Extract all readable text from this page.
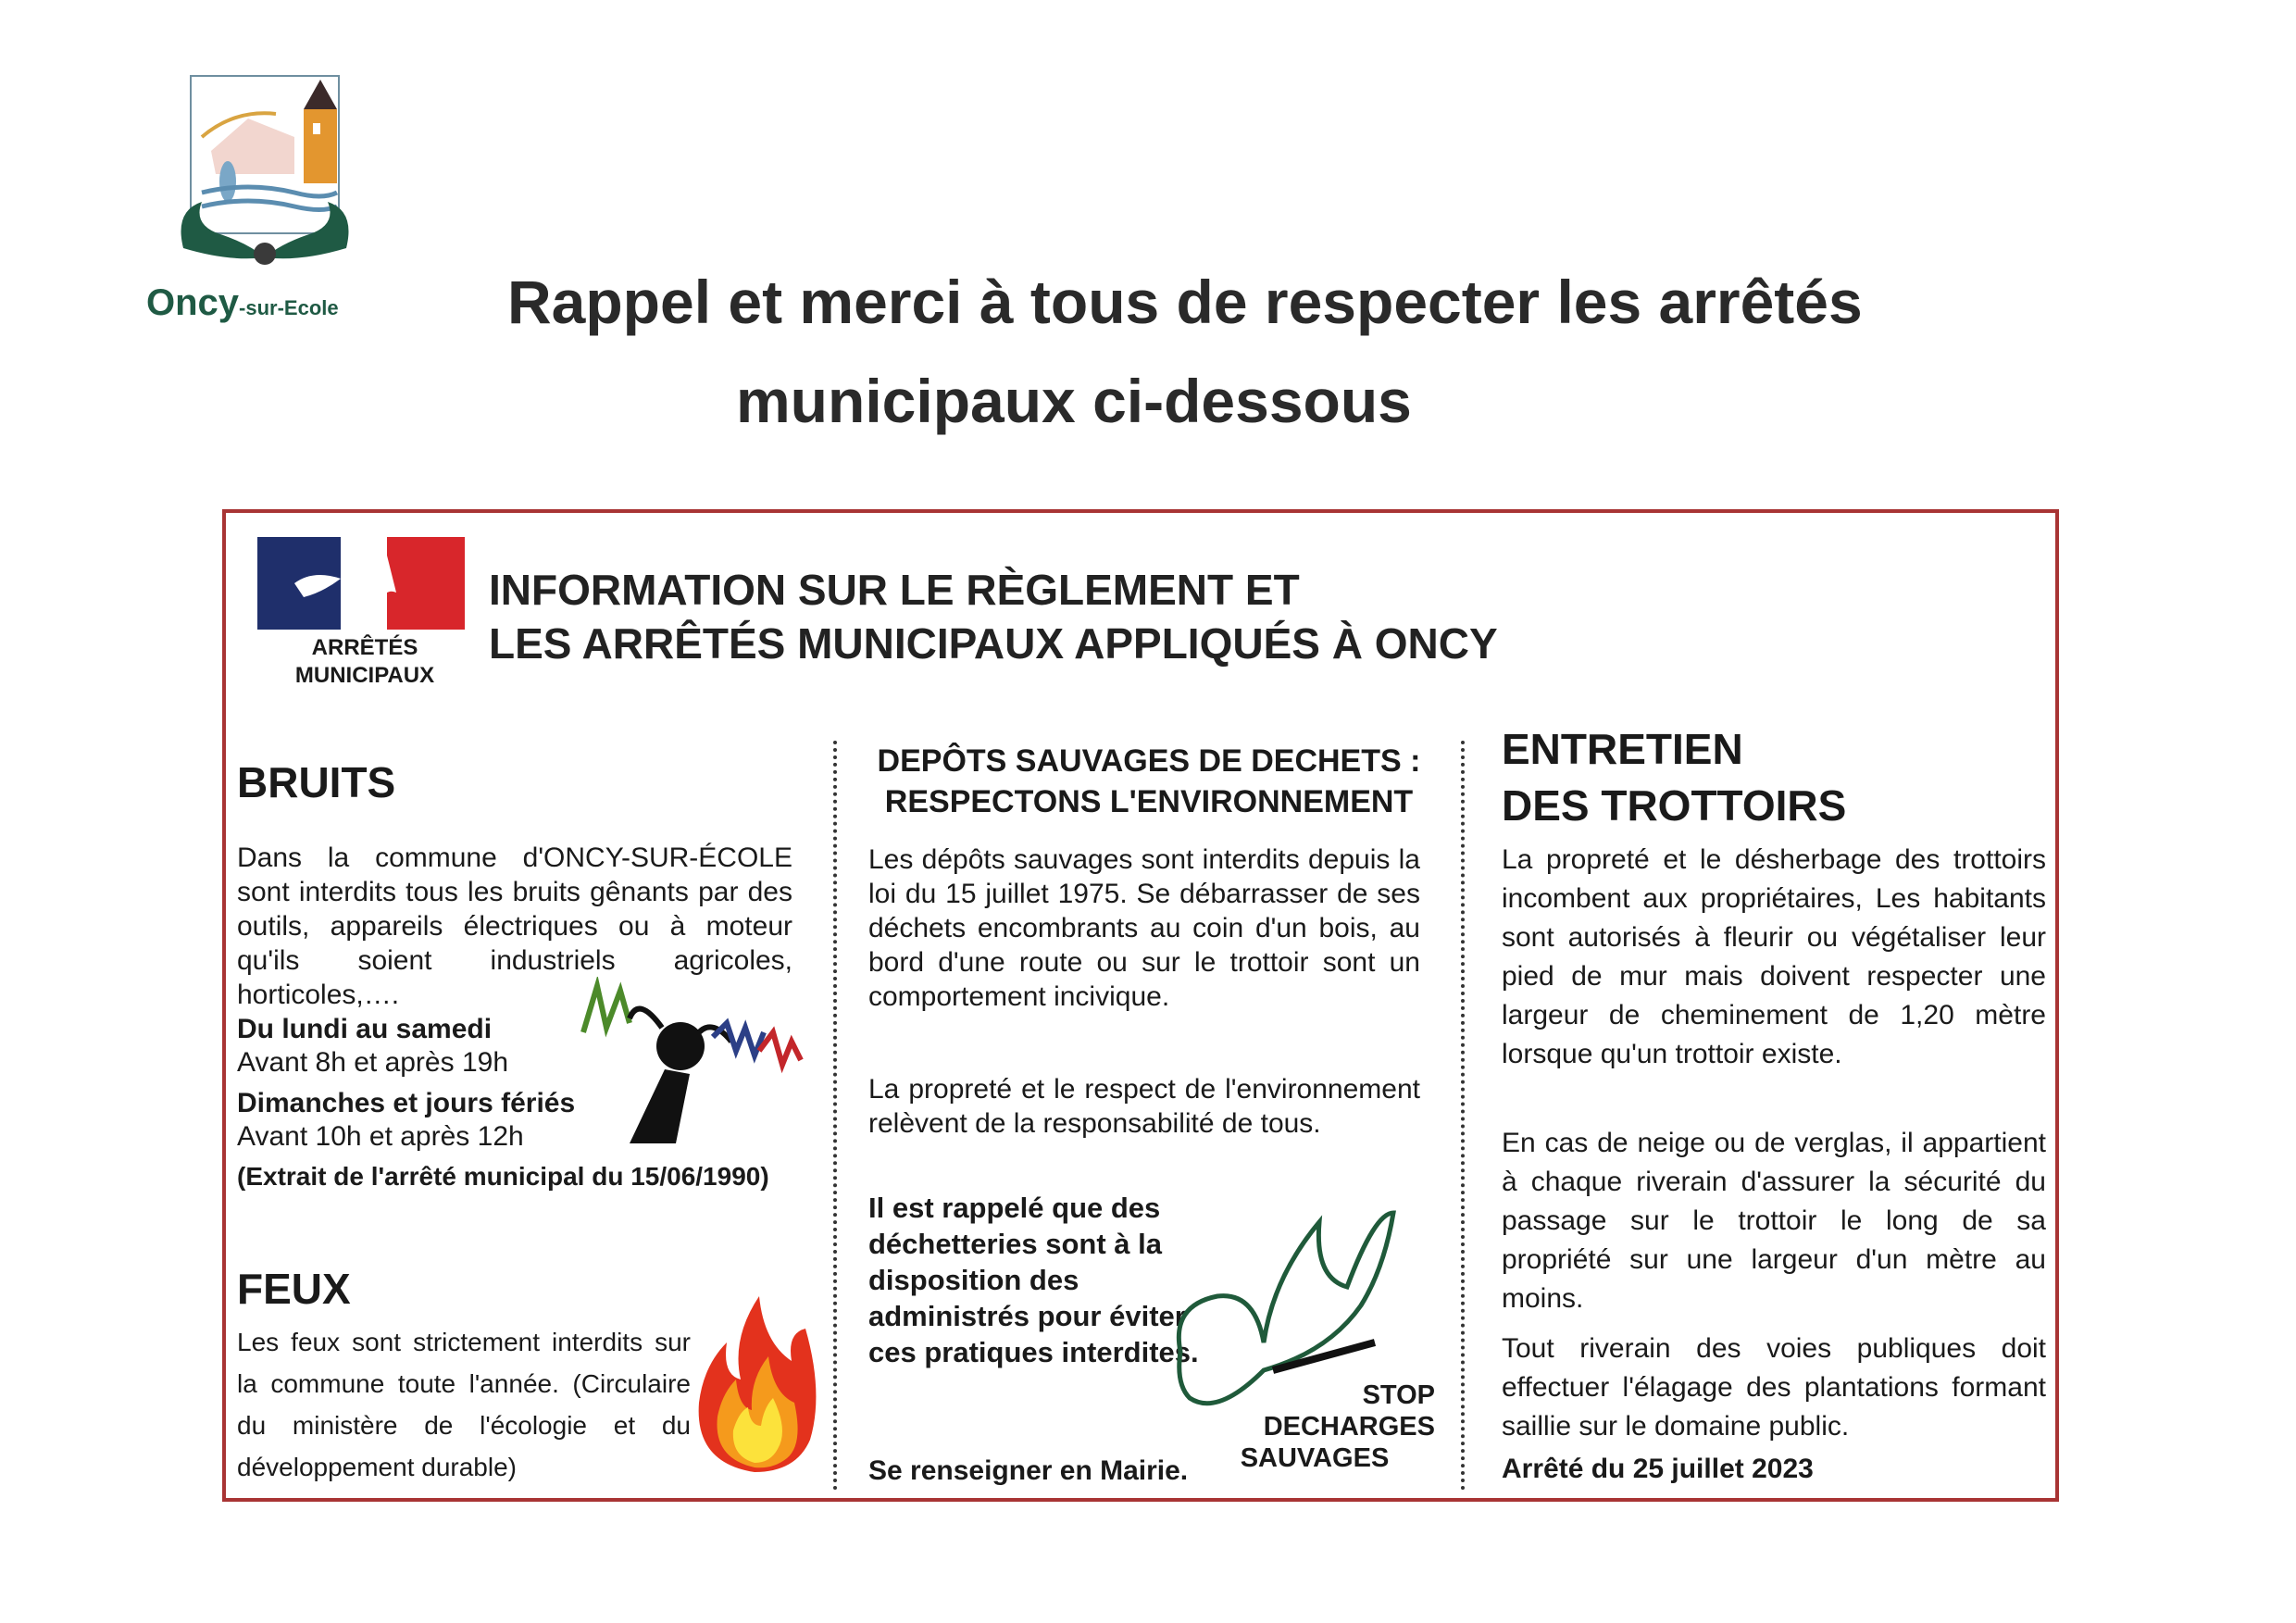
Oncy-sur-Ecole	Rappel et merci à tous de respecter les arrêtés
municipaux ci-dessous
ARRÊTÉS
MUNICIPAUX
INFORMATION SUR LE RÈGLEMENT ET
LES ARRÊTÉS MUNICIPAUX APPLIQUÉS À ONCY
BRUITS
Dans la commune d'ONCY-SUR-ÉCOLE sont interdits tous les bruits gênants par des outils, appareils électriques ou à moteur qu'ils soient industriels agricoles, horticoles,….
Du lundi au samedi
Avant 8h et après 19h
Dimanches et jours fériés
Avant 10h et après 12h
(Extrait de l'arrêté municipal du 15/06/1990)
FEUX
Les feux sont strictement interdits sur la commune toute l'année. (Circulaire du ministère de l'écologie et du développement durable)
DEPÔTS SAUVAGES DE DECHETS :
RESPECTONS L'ENVIRONNEMENT
Les dépôts sauvages sont interdits depuis la loi du 15 juillet 1975. Se débarrasser de ses déchets encombrants au coin d'un bois, au bord d'une route ou sur le trottoir sont un comportement incivique.
La propreté et le respect de l'environnement relèvent de la responsabilité de tous.
Il est rappelé que des déchetteries sont à la disposition des administrés pour éviter ces pratiques interdites.
Se renseigner en Mairie.
STOP
DECHARGES
SAUVAGES
ENTRETIEN
DES TROTTOIRS
La propreté et le désherbage des trottoirs incombent aux propriétaires, Les habitants sont autorisés à fleurir ou végétaliser leur pied de mur mais doivent respecter une largeur de cheminement de 1,20 mètre lorsque qu'un trottoir existe.
En cas de neige ou de verglas, il appartient à chaque riverain d'assurer la sécurité du passage sur le trottoir le long de sa propriété sur une largeur d'un mètre au moins.
Tout riverain des voies publiques doit effectuer l'élagage des plantations formant saillie sur le domaine public.
Arrêté du 25 juillet 2023
